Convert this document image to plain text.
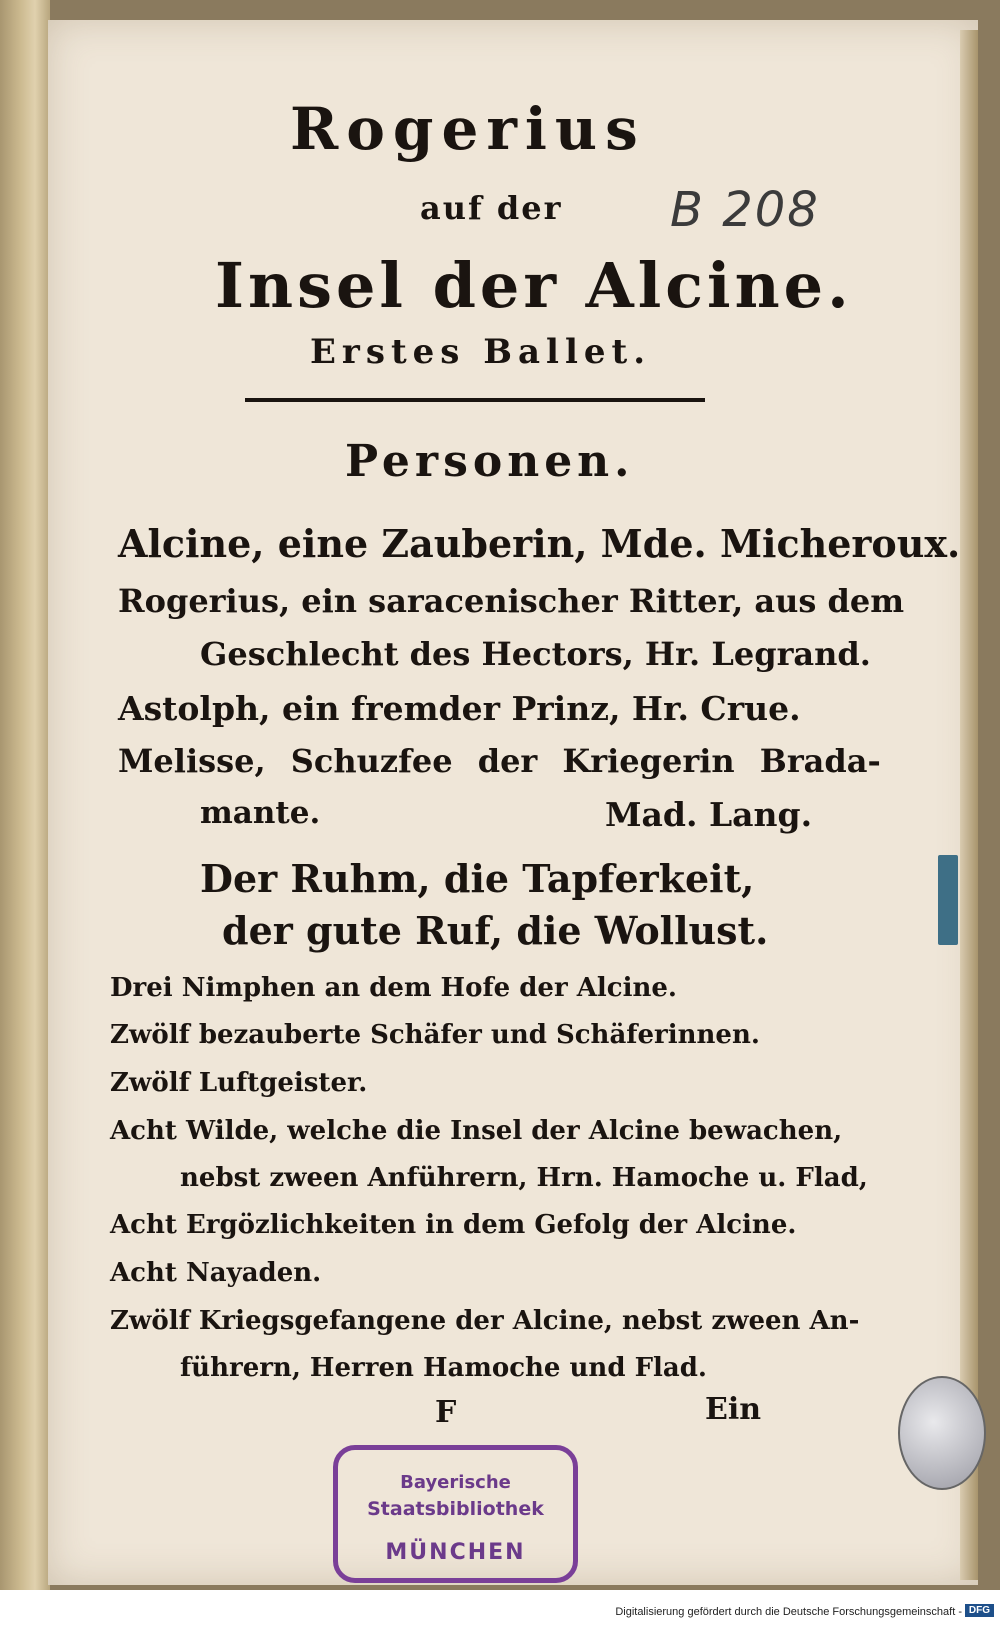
Rogerius
auf der B 208
Insel der Alcine.
Erstes Ballet.
Personen.
Alcine, eine Zauberin, Mde. Micheroux.
Rogerius, ein saracenischer Ritter, aus dem
Geschlecht des Hectors, Hr. Legrand.
Astolph, ein fremder Prinz, Hr. Crue.
Melisse, Schuzfee der Kriegerin Brada-
mante.	Mad. Lang.
Der Ruhm, die Tapferkeit,
der gute Ruf, die Wollust.
Drei Nimphen an dem Hofe der Alcine.
Zwölf bezauberte Schäfer und Schäferinnen.
Zwölf Luftgeister.
Acht Wilde, welche die Insel der Alcine bewachen,
nebst zween Anführern, Hrn. Hamoche u. Flad,
Acht Ergözlichkeiten in dem Gefolg der Alcine.
Acht Nayaden.
Zwölf Kriegsgefangene der Alcine, nebst zween An-
führern, Herren Hamoche und Flad.
F	Ein
Bayerische
Staatsbibliothek
MÜNCHEN
Digitalisierung gefördert durch die Deutsche Forschungsgemeinschaft - DFG
